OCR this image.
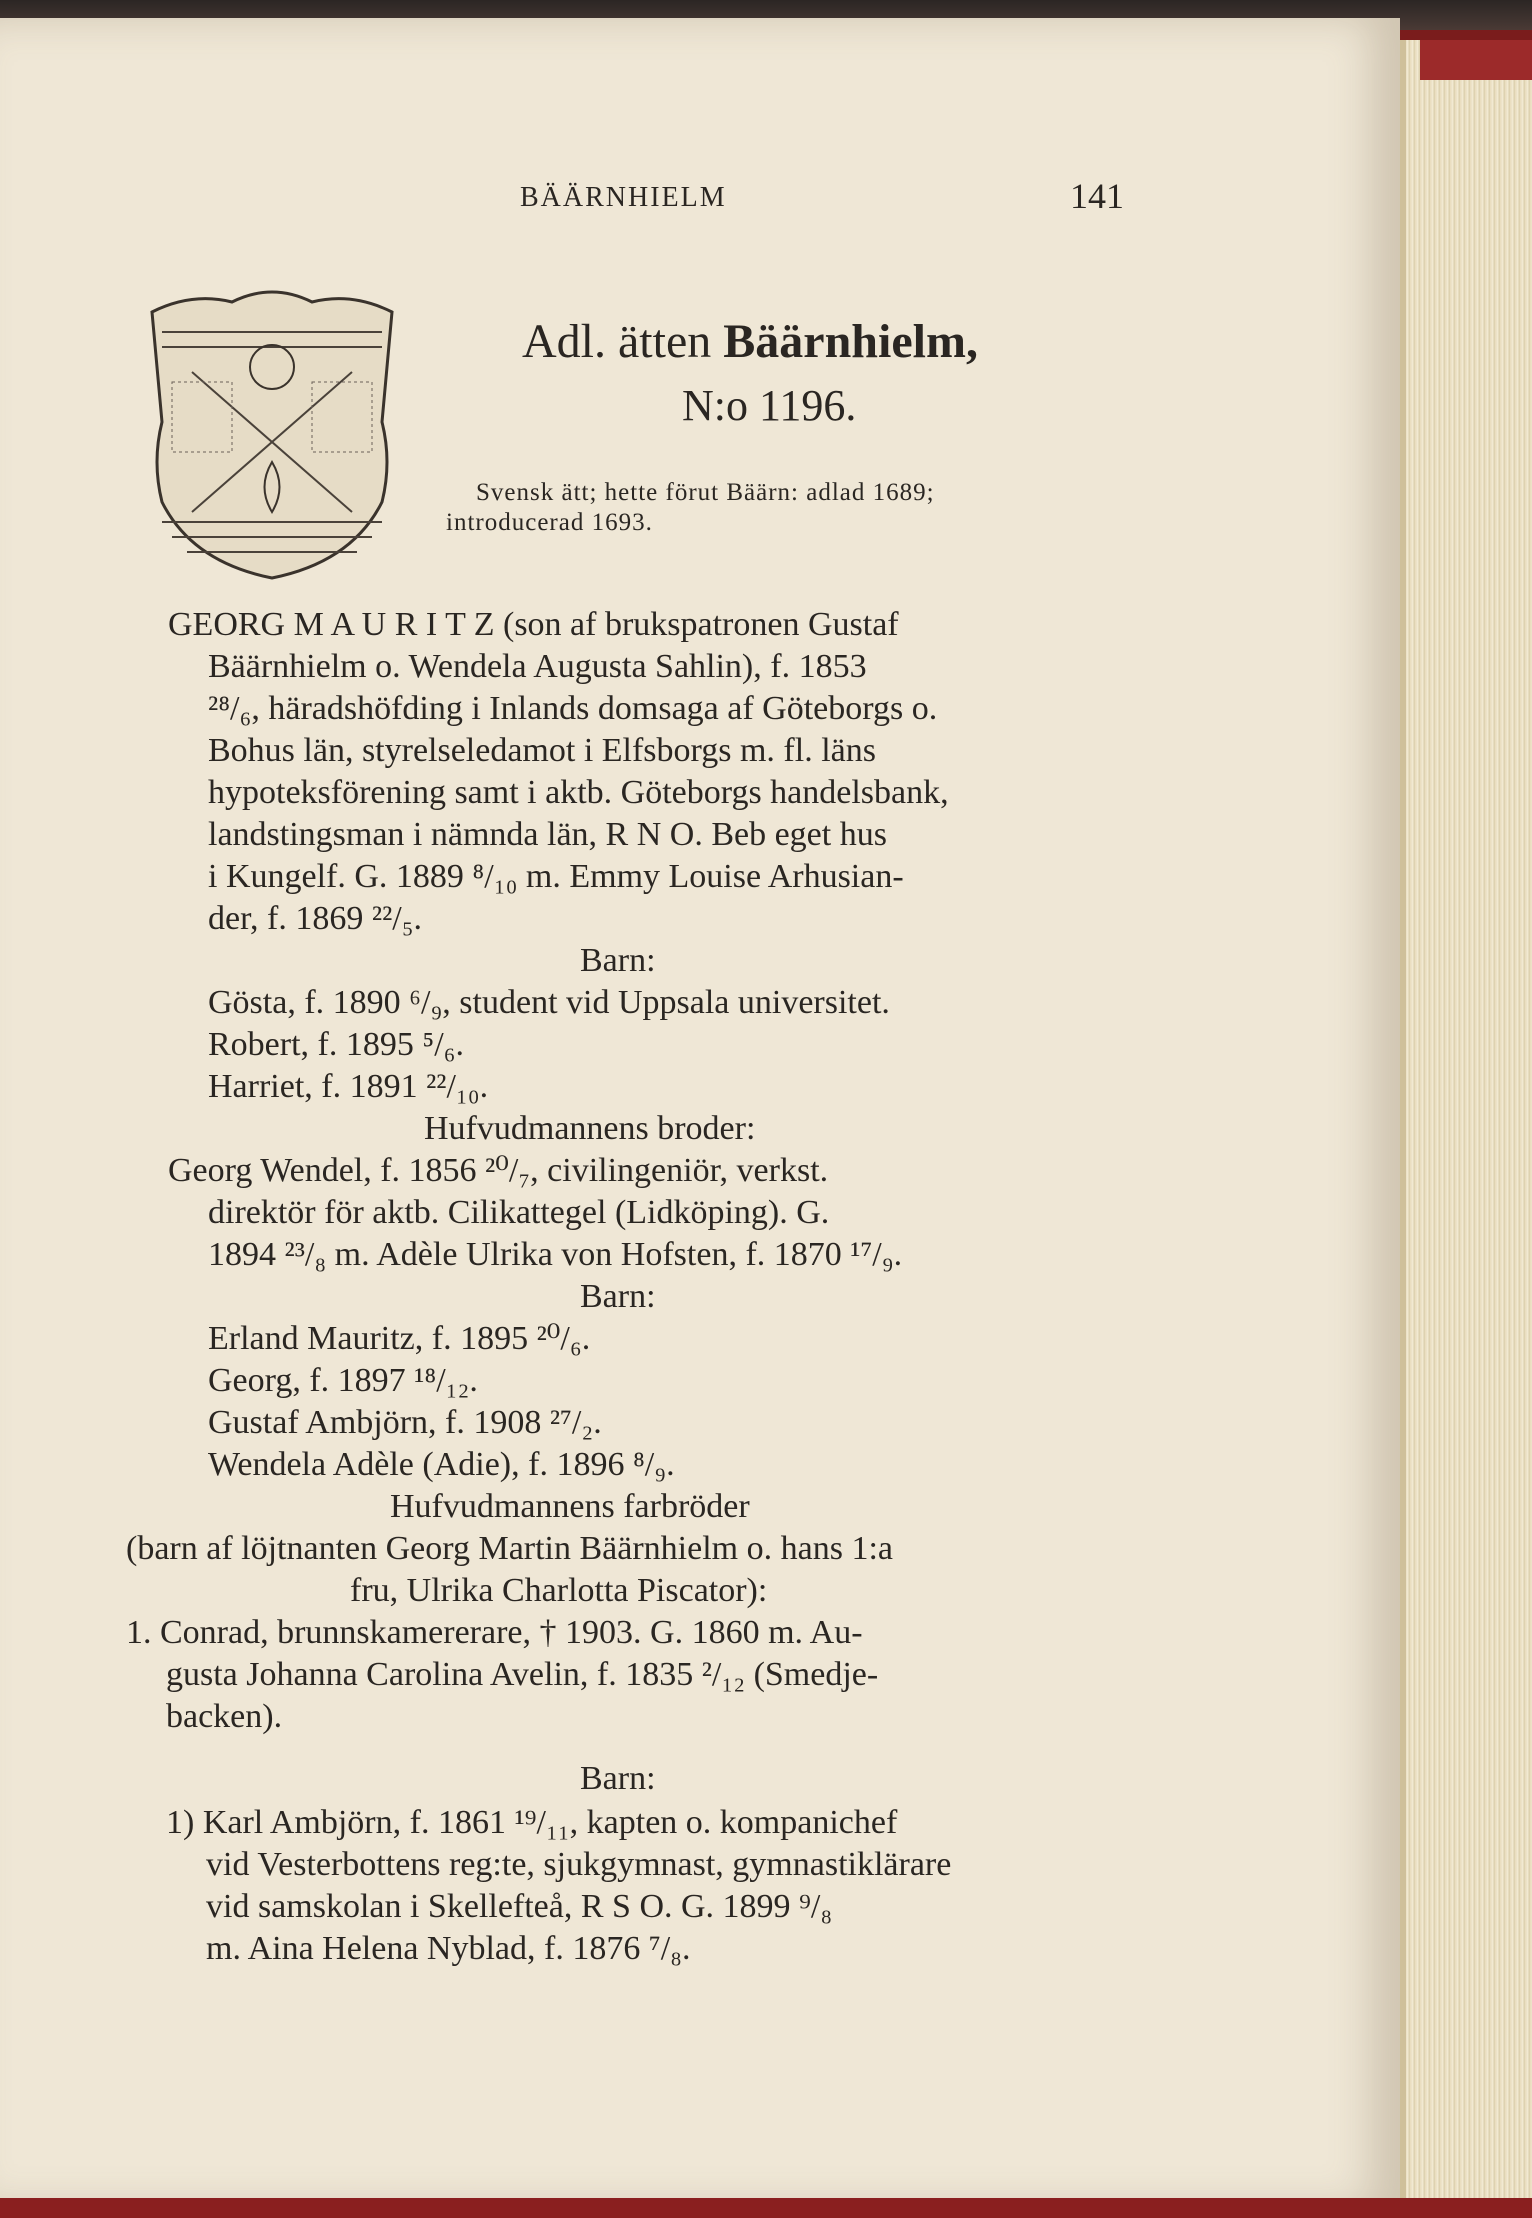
BÄÄRNHIELM	141
Adl. ätten Bäärnhielm,
N:o 1196.
Svensk ätt; hette förut Bäärn: adlad 1689;
introducerad 1693.
GEORG M A U R I T Z (son af brukspatronen Gustaf
Bäärnhielm o. Wendela Augusta Sahlin), f. 1853
²⁸/₆, häradshöfding i Inlands domsaga af Göteborgs o.
Bohus län, styrelseledamot i Elfsborgs m. fl. läns
hypoteksförening samt i aktb. Göteborgs handelsbank,
landstingsman i nämnda län, R N O. Beb eget hus
i Kungelf. G. 1889 ⁸/₁₀ m. Emmy Louise Arhusian-
der, f. 1869 ²²/₅.
Barn:
Gösta, f. 1890 ⁶/₉, student vid Uppsala universitet.
Robert, f. 1895 ⁵/₆.
Harriet, f. 1891 ²²/₁₀.
Hufvudmannens broder:
Georg Wendel, f. 1856 ²⁰/₇, civilingeniör, verkst.
direktör för aktb. Cilikattegel (Lidköping). G.
1894 ²³/₈ m. Adèle Ulrika von Hofsten, f. 1870 ¹⁷/₉.
Barn:
Erland Mauritz, f. 1895 ²⁰/₆.
Georg, f. 1897 ¹⁸/₁₂.
Gustaf Ambjörn, f. 1908 ²⁷/₂.
Wendela Adèle (Adie), f. 1896 ⁸/₉.
Hufvudmannens farbröder
(barn af löjtnanten Georg Martin Bäärnhielm o. hans 1:a
fru, Ulrika Charlotta Piscator):
1. Conrad, brunnskamererare, † 1903. G. 1860 m. Au-
gusta Johanna Carolina Avelin, f. 1835 ²/₁₂ (Smedje-
backen).
Barn:
1) Karl Ambjörn, f. 1861 ¹⁹/₁₁, kapten o. kompanichef
vid Vesterbottens reg:te, sjukgymnast, gymnastiklärare
vid samskolan i Skellefteå, R S O. G. 1899 ⁹/₈
m. Aina Helena Nyblad, f. 1876 ⁷/₈.
